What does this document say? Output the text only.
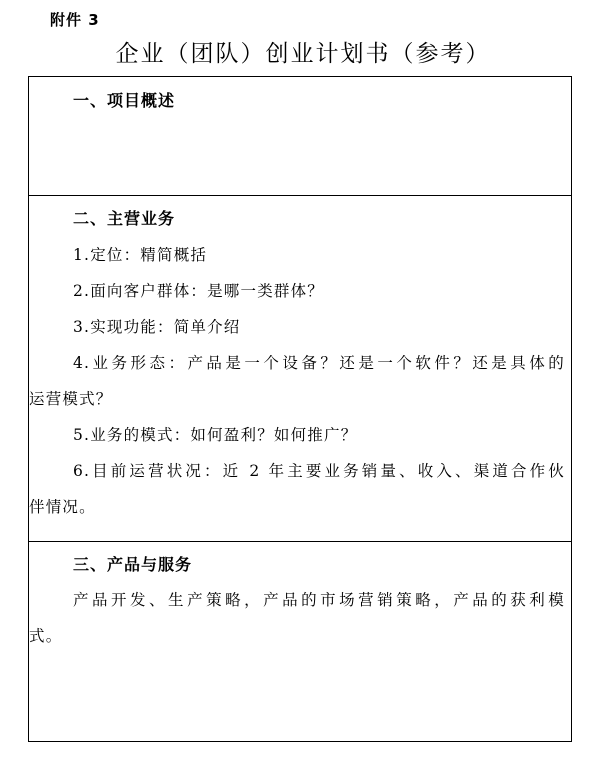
附件 3
企业（团队）创业计划书（参考）
一、项目概述
二、主营业务
1.定位：精简概括
2.面向客户群体：是哪一类群体？
3.实现功能：简单介绍
4.业务形态：产品是一个设备？还是一个软件？还是具体的
运营模式？
5.业务的模式：如何盈利？如何推广？
6.目前运营状况：近 2 年主要业务销量、收入、渠道合作伙
伴情况。
三、产品与服务
产品开发、生产策略，产品的市场营销策略，产品的获利模
式。
